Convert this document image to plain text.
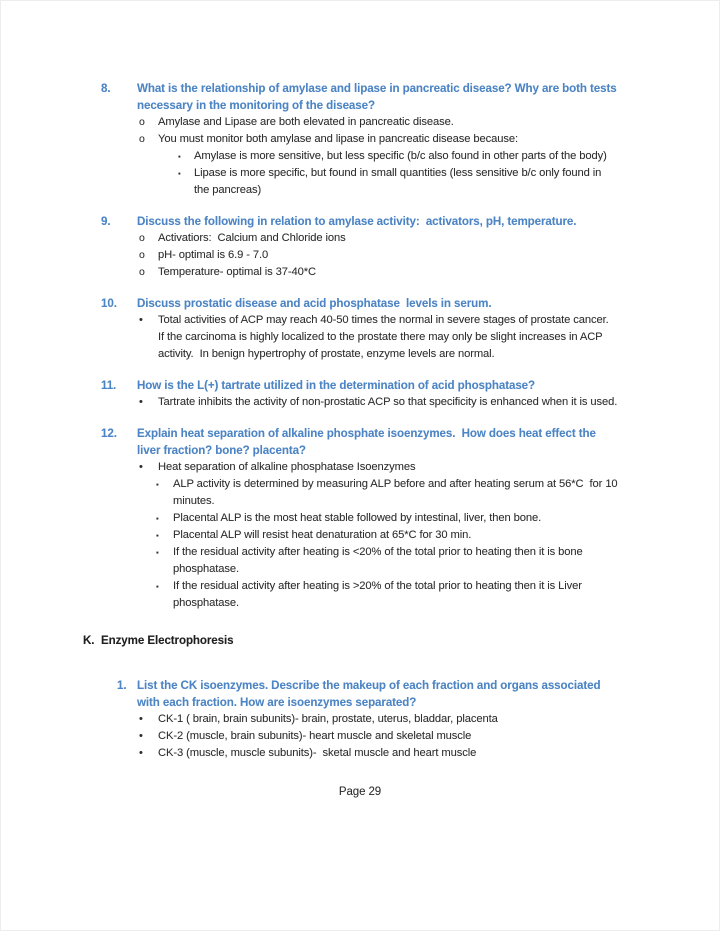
8.	What is the relationship of amylase and lipase in pancreatic disease? Why are both tests necessary in the monitoring of the disease?
o	Amylase and Lipase are both elevated in pancreatic disease.
o	You must monitor both amylase and lipase in pancreatic disease because:
▪	Amylase is more sensitive, but less specific (b/c also found in other parts of the body)
▪	Lipase is more specific, but found in small quantities (less sensitive b/c only found in the pancreas)
9.	Discuss the following in relation to amylase activity:  activators, pH, temperature.
o	Activatiors:  Calcium and Chloride ions
o	pH- optimal is 6.9 - 7.0
o	Temperature- optimal is 37-40*C
10.	Discuss prostatic disease and acid phosphatase  levels in serum.
•	Total activities of ACP may reach 40-50 times the normal in severe stages of prostate cancer.  If the carcinoma is highly localized to the prostate there may only be slight increases in ACP activity.  In benign hypertrophy of prostate, enzyme levels are normal.
11.	How is the L(+) tartrate utilized in the determination of acid phosphatase?
•	Tartrate inhibits the activity of non-prostatic ACP so that specificity is enhanced when it is used.
12.	Explain heat separation of alkaline phosphate isoenzymes.  How does heat effect the liver fraction? bone? placenta?
•	Heat separation of alkaline phosphatase Isoenzymes
▪	ALP activity is determined by measuring ALP before and after heating serum at 56*C  for 10 minutes.
▪	Placental ALP is the most heat stable followed by intestinal, liver, then bone.
▪	Placental ALP will resist heat denaturation at 65*C for 30 min.
▪	If the residual activity after heating is <20% of the total prior to heating then it is bone phosphatase.
▪	If the residual activity after heating is >20% of the total prior to heating then it is Liver phosphatase.
K. Enzyme Electrophoresis
1. List the CK isoenzymes. Describe the makeup of each fraction and organs associated with each fraction. How are isoenzymes separated?
•	CK-1 ( brain, brain subunits)- brain, prostate, uterus, bladdar, placenta
•	CK-2 (muscle, brain subunits)- heart muscle and skeletal muscle
•	CK-3 (muscle, muscle subunits)-  sketal muscle and heart muscle
Page 29
